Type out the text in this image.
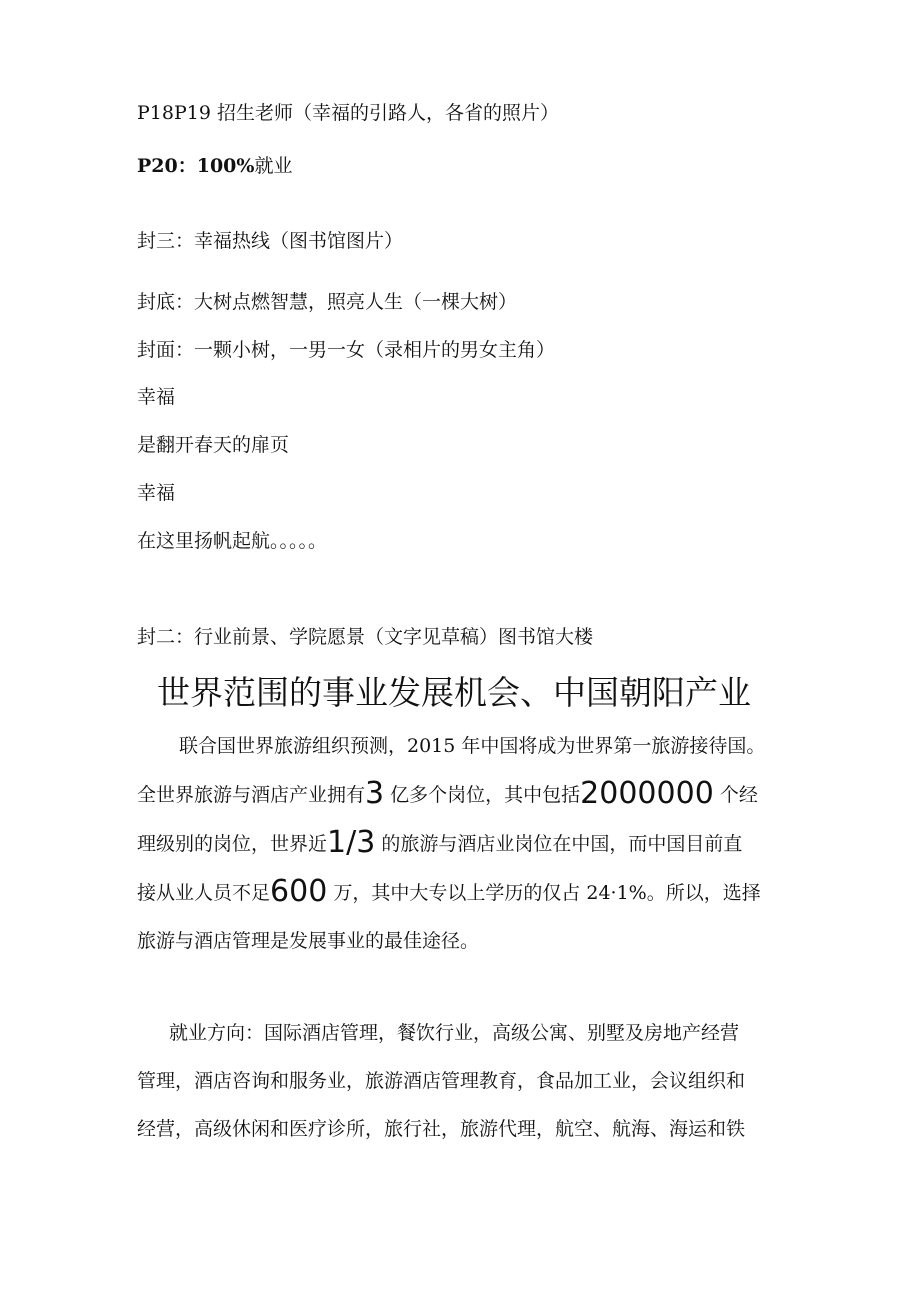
P18P19 招生老师（幸福的引路人，各省的照片）
P20：100%就业
封三：幸福热线（图书馆图片）
封底：大树点燃智慧，照亮人生（一棵大树）
封面：一颗小树，一男一女（录相片的男女主角）
幸福
是翻开春天的扉页
幸福
在这里扬帆起航。。。。。
封二：行业前景、学院愿景（文字见草稿）图书馆大楼
世界范围的事业发展机会、中国朝阳产业
联合国世界旅游组织预测，2015 年中国将成为世界第一旅游接待国。
全世界旅游与酒店产业拥有3 亿多个岗位，其中包括2000000 个经
理级别的岗位，世界近1/3 的旅游与酒店业岗位在中国，而中国目前直
接从业人员不足600 万，其中大专以上学历的仅占 24·1%。所以，选择
旅游与酒店管理是发展事业的最佳途径。
就业方向：国际酒店管理，餐饮行业，高级公寓、别墅及房地产经营
管理，酒店咨询和服务业，旅游酒店管理教育，食品加工业，会议组织和
经营，高级休闲和医疗诊所，旅行社，旅游代理，航空、航海、海运和铁
